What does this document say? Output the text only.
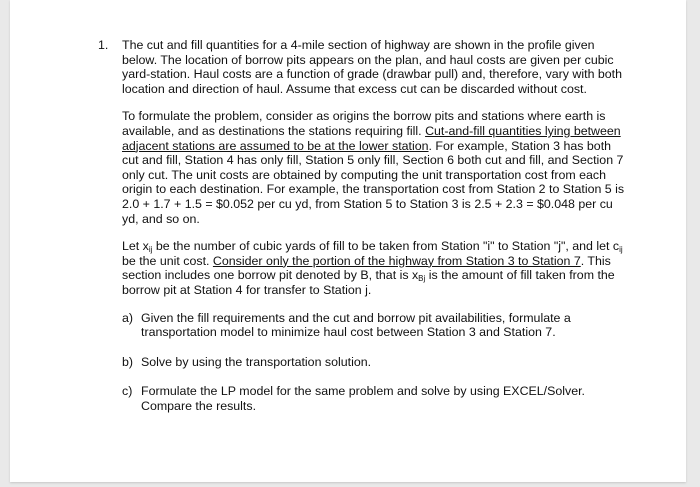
1. The cut and fill quantities for a 4-mile section of highway are shown in the profile given below. The location of borrow pits appears on the plan, and haul costs are given per cubic yard-station. Haul costs are a function of grade (drawbar pull) and, therefore, vary with both location and direction of haul. Assume that excess cut can be discarded without cost.

To formulate the problem, consider as origins the borrow pits and stations where earth is available, and as destinations the stations requiring fill. Cut-and-fill quantities lying between adjacent stations are assumed to be at the lower station. For example, Station 3 has both cut and fill, Station 4 has only fill, Station 5 only fill, Section 6 both cut and fill, and Section 7 only cut. The unit costs are obtained by computing the unit transportation cost from each origin to each destination. For example, the transportation cost from Station 2 to Station 5 is 2.0 + 1.7 + 1.5 = $0.052 per cu yd, from Station 5 to Station 3 is 2.5 + 2.3 = $0.048 per cu yd, and so on.

Let $x_{ij}$ be the number of cubic yards of fill to be taken from Station "i" to Station "j", and let $c_{ij}$ be the unit cost. Consider only the portion of the highway from Station 3 to Station 7. This section includes one borrow pit denoted by B, that is $x_{Bj}$ is the amount of fill taken from the borrow pit at Station 4 for transfer to Station j.

a) Given the fill requirements and the cut and borrow pit availabilities, formulate a transportation model to minimize haul cost between Station 3 and Station 7.
b) Solve by using the transportation solution.
c) Formulate the LP model for the same problem and solve by using EXCEL/Solver. Compare the results.
